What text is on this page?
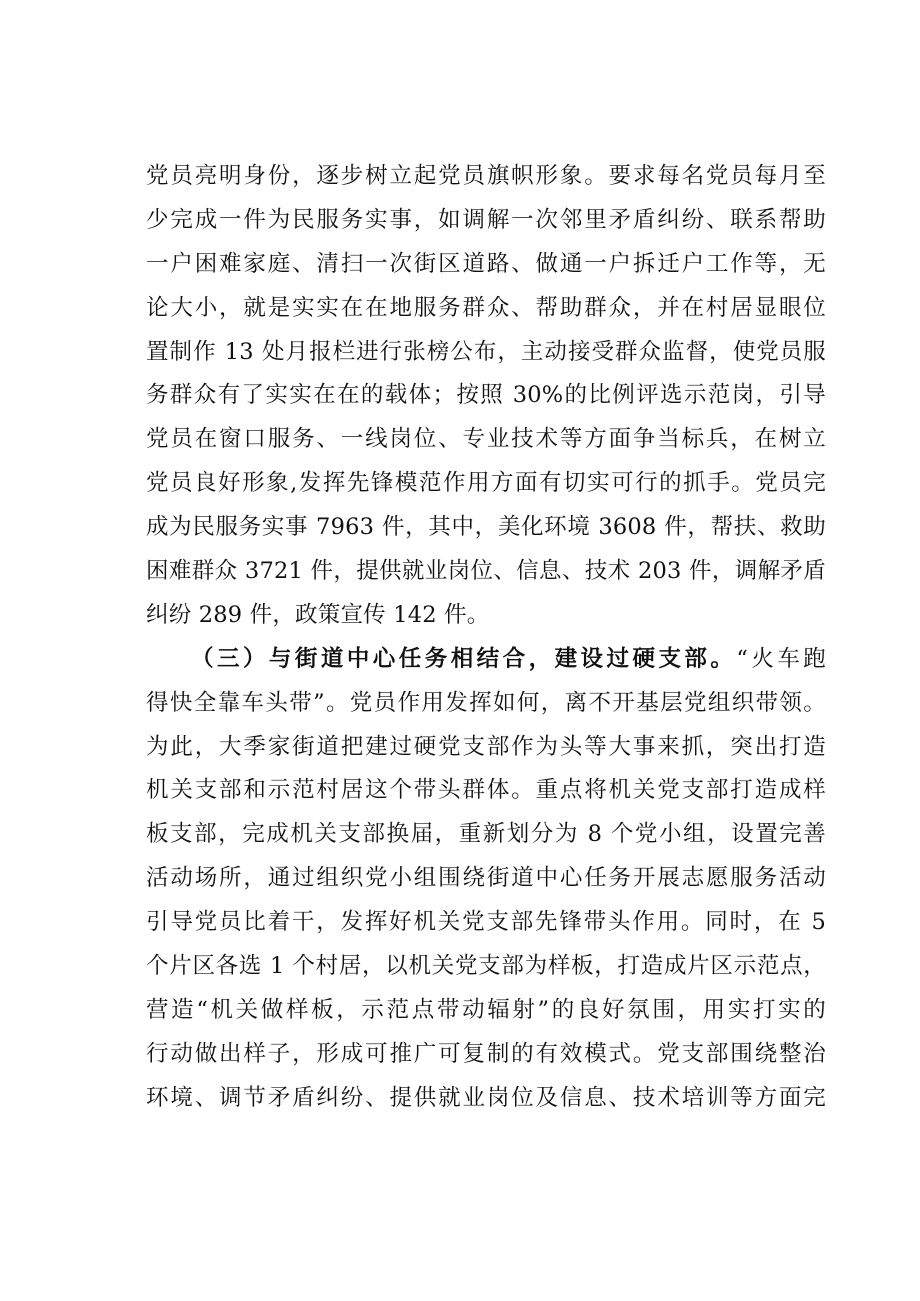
党员亮明身份，逐步树立起党员旗帜形象。要求每名党员每月至
少完成一件为民服务实事，如调解一次邻里矛盾纠纷、联系帮助
一户困难家庭、清扫一次街区道路、做通一户拆迁户工作等，无
论大小，就是实实在在地服务群众、帮助群众，并在村居显眼位
置制作 13 处月报栏进行张榜公布，主动接受群众监督，使党员服
务群众有了实实在在的载体；按照 30%的比例评选示范岗，引导
党员在窗口服务、一线岗位、专业技术等方面争当标兵，在树立
党员良好形象,发挥先锋模范作用方面有切实可行的抓手。党员完
成为民服务实事 7963 件，其中，美化环境 3608 件，帮扶、救助
困难群众 3721 件，提供就业岗位、信息、技术 203 件，调解矛盾
纠纷 289 件，政策宣传 142 件。
（三）与街道中心任务相结合，建设过硬支部。“火车跑
得快全靠车头带”。党员作用发挥如何，离不开基层党组织带领。
为此，大季家街道把建过硬党支部作为头等大事来抓，突出打造
机关支部和示范村居这个带头群体。重点将机关党支部打造成样
板支部，完成机关支部换届，重新划分为 8 个党小组，设置完善
活动场所，通过组织党小组围绕街道中心任务开展志愿服务活动
引导党员比着干，发挥好机关党支部先锋带头作用。同时，在 5
个片区各选 1 个村居，以机关党支部为样板，打造成片区示范点，
营造“机关做样板，示范点带动辐射”的良好氛围，用实打实的
行动做出样子，形成可推广可复制的有效模式。党支部围绕整治
环境、调节矛盾纠纷、提供就业岗位及信息、技术培训等方面完
